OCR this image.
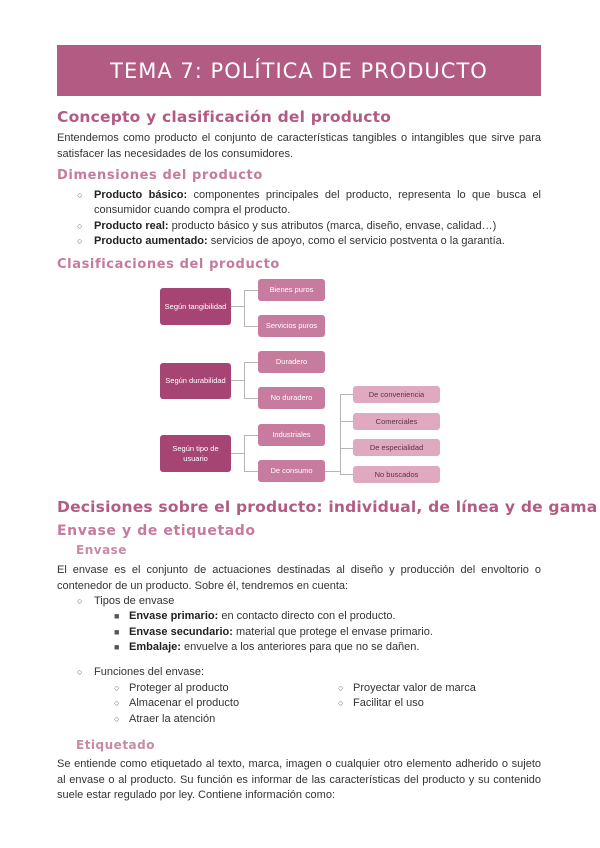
TEMA 7: POLÍTICA DE PRODUCTO
Concepto y clasificación del producto

Entendemos como producto el conjunto de características tangibles o intangibles que sirve para satisfacer las necesidades de los consumidores.

Dimensiones del producto
○ Producto básico: componentes principales del producto, representa lo que busca el consumidor cuando compra el producto.
○ Producto real: producto básico y sus atributos (marca, diseño, envase, calidad…)
○ Producto aumentado: servicios de apoyo, como el servicio postventa o la garantía.
Clasificaciones del producto
Según tangibilidad
Según durabilidad
Según tipo de usuario
Bienes puros
Servicios puros
Duradero
No duradero
Industriales
De consumo
De conveniencia
Comerciales
De especialidad
No buscados
Decisiones sobre el producto: individual, de línea y de gama
Envase y de etiquetado
Envase

El envase es el conjunto de actuaciones destinadas al diseño y producción del envoltorio o contenedor de un producto. Sobre él, tendremos en cuenta:

○ Tipos de envase
■ Envase primario: en contacto directo con el producto.
■ Envase secundario: material que protege el envase primario.
■ Embalaje: envuelve a los anteriores para que no se dañen.
○ Funciones del envase:
○ Proteger al producto
○ Almacenar el producto
○ Atraer la atención
○ Proyectar valor de marca
○ Facilitar el uso
Etiquetado

Se entiende como etiquetado al texto, marca, imagen o cualquier otro elemento adherido o sujeto al envase o al producto. Su función es informar de las características del producto y su contenido suele estar regulado por ley. Contiene información como:
